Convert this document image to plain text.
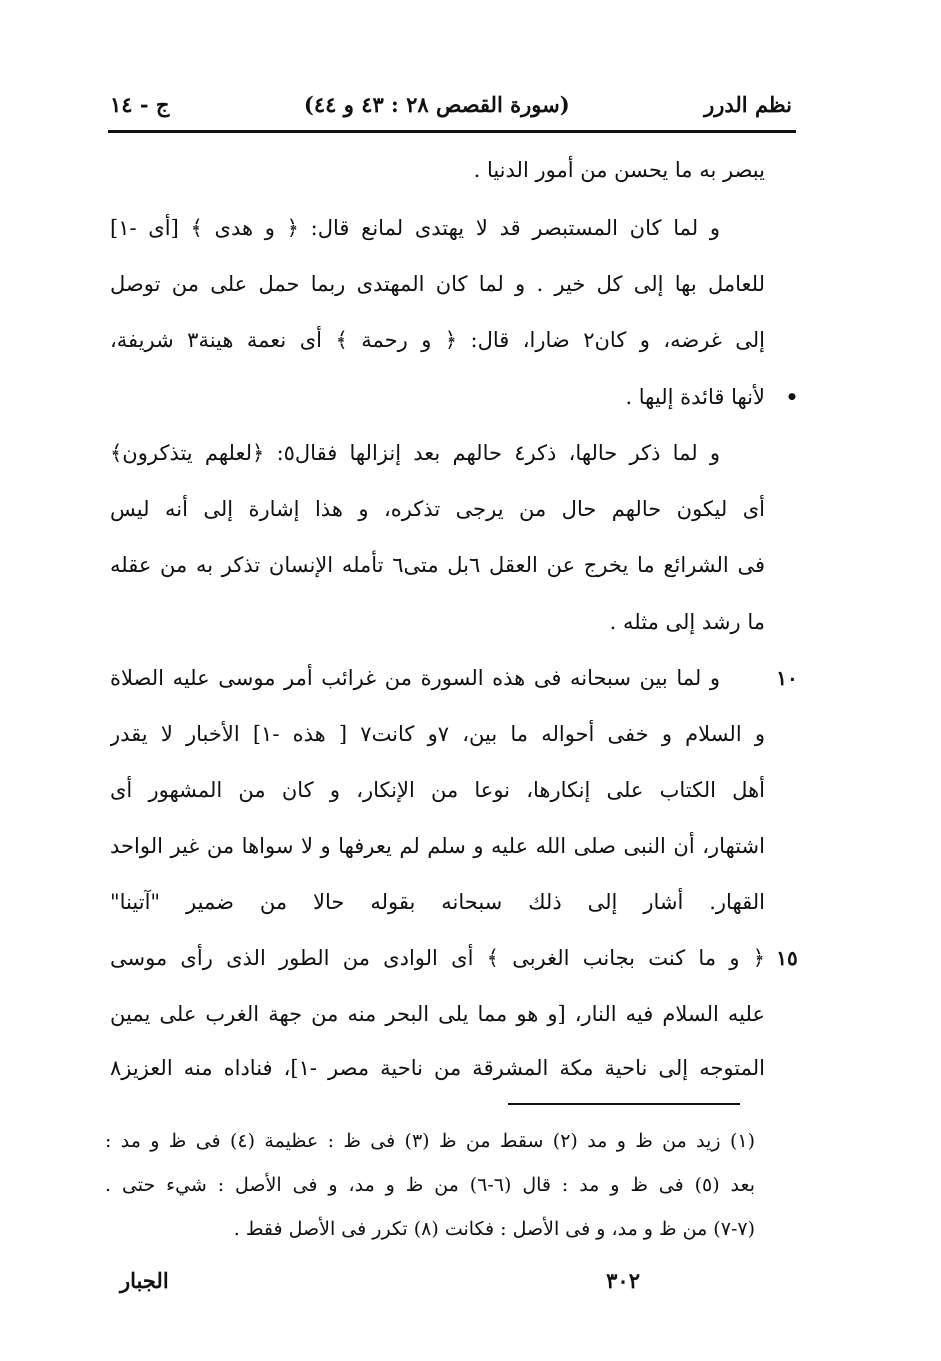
نظم الدرر
(سورة القصص ٢٨ : ٤٣ و ٤٤)
ج - ١٤
يبصر به ما يحسن من أمور الدنيا .
و لما كان المستبصر قد لا يهتدى لمانع قال: ﴿ و هدى ﴾ [أى -١]
للعامل بها إلى كل خير . و لما كان المهتدى ربما حمل على من توصل
إلى غرضه، و كان٢ ضارا، قال: ﴿ و رحمة ﴾ أى نعمة هينة٣ شريفة،
لأنها قائدة إليها .
و لما ذكر حالها، ذكر٤ حالهم بعد إنزالها فقال٥: ﴿لعلهم يتذكرون﴾
أى ليكون حالهم حال من يرجى تذكره، و هذا إشارة إلى أنه ليس
فى الشرائع ما يخرج عن العقل ٦بل متى٦ تأمله الإنسان تذكر به من عقله
ما رشد إلى مثله .
و لما بين سبحانه فى هذه السورة من غرائب أمر موسى عليه الصلاة
و السلام و خفى أحواله ما بين، ٧و كانت٧ [ هذه -١] الأخبار لا يقدر
أهل الكتاب على إنكارها، نوعا من الإنكار، و كان من المشهور أى
اشتهار، أن النبى صلى الله عليه و سلم لم يعرفها و لا سواها من غير الواحد
القهار. أشار إلى ذلك سبحانه بقوله حالا من ضمير "آتينا"
﴿ و ما كنت بجانب الغربى ﴾ أى الوادى من الطور الذى رأى موسى
عليه السلام فيه النار، [و هو مما يلى البحر منه من جهة الغرب على يمين
المتوجه إلى ناحية مكة المشرقة من ناحية مصر -١]، فناداه منه العزيز٨
•
١٠
١٥
(١) زيد من ظ و مد (٢) سقط من ظ (٣) فى ظ : عظيمة (٤) فى ظ و مد :
بعد (٥) فى ظ و مد : قال (٦-٦) من ظ و مد، و فى الأصل : شيء حتى .
(٧-٧) من ظ و مد، و فى الأصل : فكانت (٨) تكرر فى الأصل فقط .
٣٠٢
الجبار
